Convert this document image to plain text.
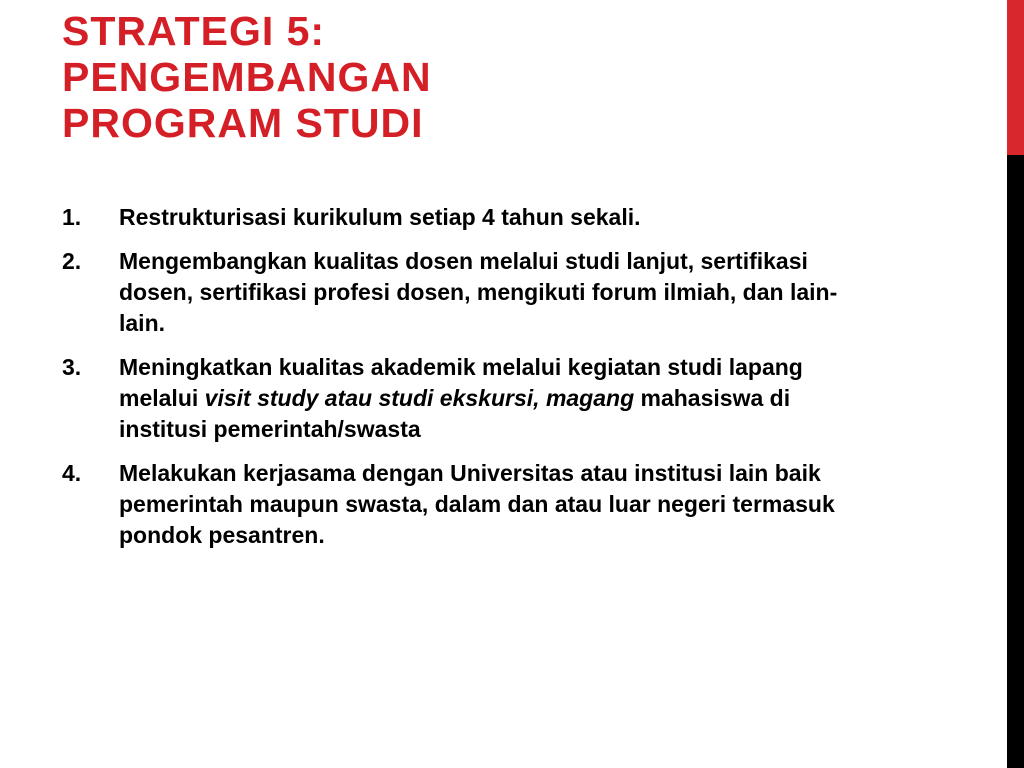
STRATEGI 5:
PENGEMBANGAN
PROGRAM STUDI
1. Restrukturisasi kurikulum setiap 4 tahun sekali.
2. Mengembangkan kualitas dosen melalui studi lanjut, sertifikasi dosen, sertifikasi profesi dosen, mengikuti forum ilmiah, dan lain-lain.
3. Meningkatkan kualitas akademik melalui kegiatan studi lapang melalui visit study atau studi ekskursi, magang mahasiswa di institusi pemerintah/swasta
4. Melakukan kerjasama dengan Universitas atau institusi lain baik pemerintah maupun swasta, dalam dan atau luar negeri termasuk pondok pesantren.
